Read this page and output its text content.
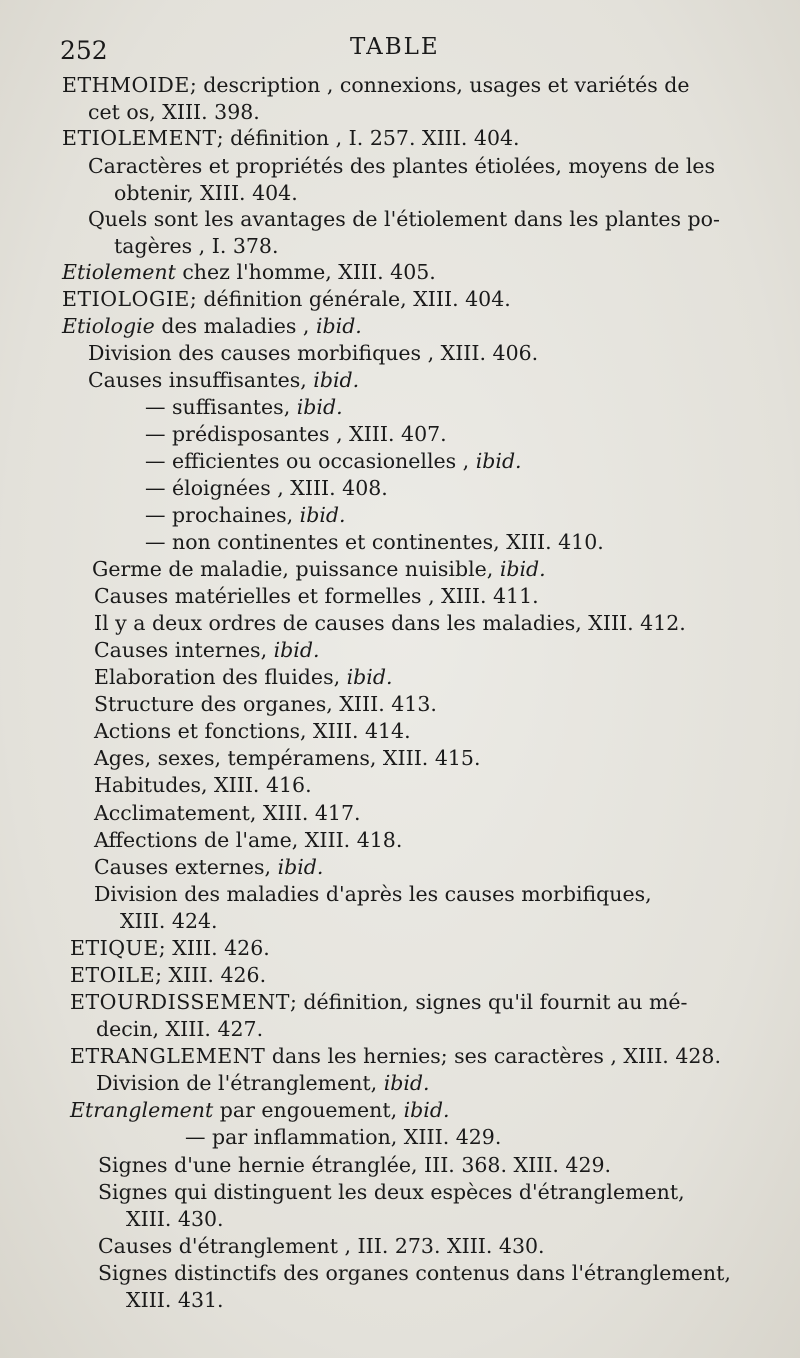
252	TABLE
ETHMOIDE; description , connexions, usages et variétés de
cet os, XIII. 398.
ETIOLEMENT; définition , I. 257. XIII. 404.
Caractères et propriétés des plantes étiolées, moyens de les
obtenir, XIII. 404.
Quels sont les avantages de l'étiolement dans les plantes po-
tagères , I. 378.
Etiolement chez l'homme, XIII. 405.
ETIOLOGIE; définition générale, XIII. 404.
Etiologie des maladies , ibid.
Division des causes morbifiques , XIII. 406.
Causes insuffisantes, ibid.
— suffisantes, ibid.
— prédisposantes , XIII. 407.
— efficientes ou occasionelles , ibid.
— éloignées , XIII. 408.
— prochaines, ibid.
— non continentes et continentes, XIII. 410.
Germe de maladie, puissance nuisible, ibid.
Causes matérielles et formelles , XIII. 411.
Il y a deux ordres de causes dans les maladies, XIII. 412.
Causes internes, ibid.
Elaboration des fluides, ibid.
Structure des organes, XIII. 413.
Actions et fonctions, XIII. 414.
Ages, sexes, tempéramens, XIII. 415.
Habitudes, XIII. 416.
Acclimatement, XIII. 417.
Affections de l'ame, XIII. 418.
Causes externes, ibid.
Division des maladies d'après les causes morbifiques,
XIII. 424.
ETIQUE; XIII. 426.
ETOILE; XIII. 426.
ETOURDISSEMENT; définition, signes qu'il fournit au mé-
decin, XIII. 427.
ETRANGLEMENT dans les hernies; ses caractères , XIII. 428.
Division de l'étranglement, ibid.
Etranglement par engouement, ibid.
— par inflammation, XIII. 429.
Signes d'une hernie étranglée, III. 368. XIII. 429.
Signes qui distinguent les deux espèces d'étranglement,
XIII. 430.
Causes d'étranglement , III. 273. XIII. 430.
Signes distinctifs des organes contenus dans l'étranglement,
XIII. 431.
